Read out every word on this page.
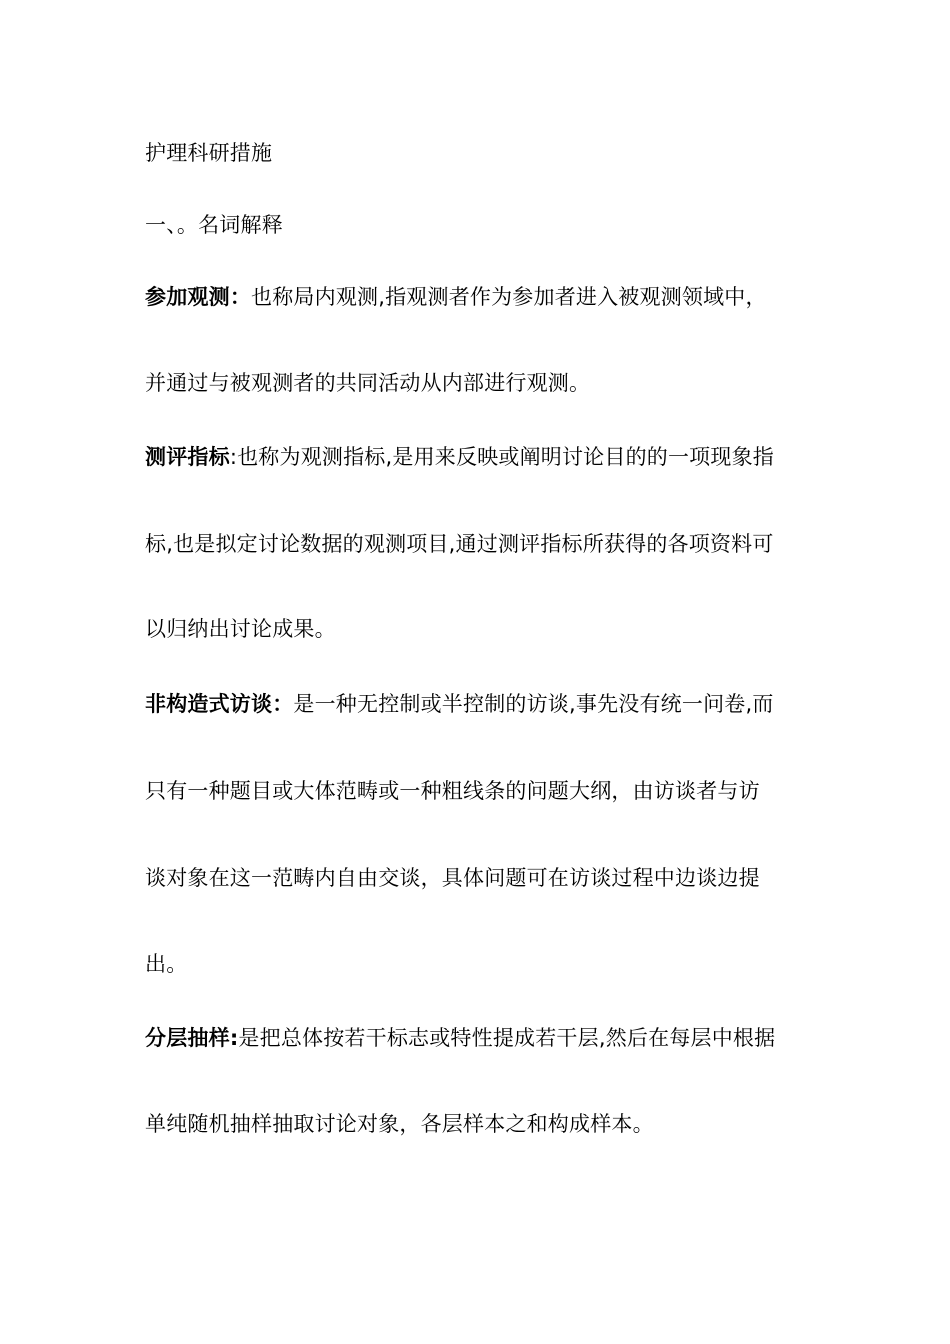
护理科研措施
一、。名词解释
参加观测：也称局内观测,指观测者作为参加者进入被观测领域中，
并通过与被观测者的共同活动从内部进行观测。
测评指标:也称为观测指标,是用来反映或阐明讨论目的的一项现象指
标,也是拟定讨论数据的观测项目,通过测评指标所获得的各项资料可
以归纳出讨论成果。
非构造式访谈：是一种无控制或半控制的访谈,事先没有统一问卷,而
只有一种题目或大体范畴或一种粗线条的问题大纲，由访谈者与访
谈对象在这一范畴内自由交谈，具体问题可在访谈过程中边谈边提
出。
分层抽样:是把总体按若干标志或特性提成若干层,然后在每层中根据
单纯随机抽样抽取讨论对象，各层样本之和构成样本。
